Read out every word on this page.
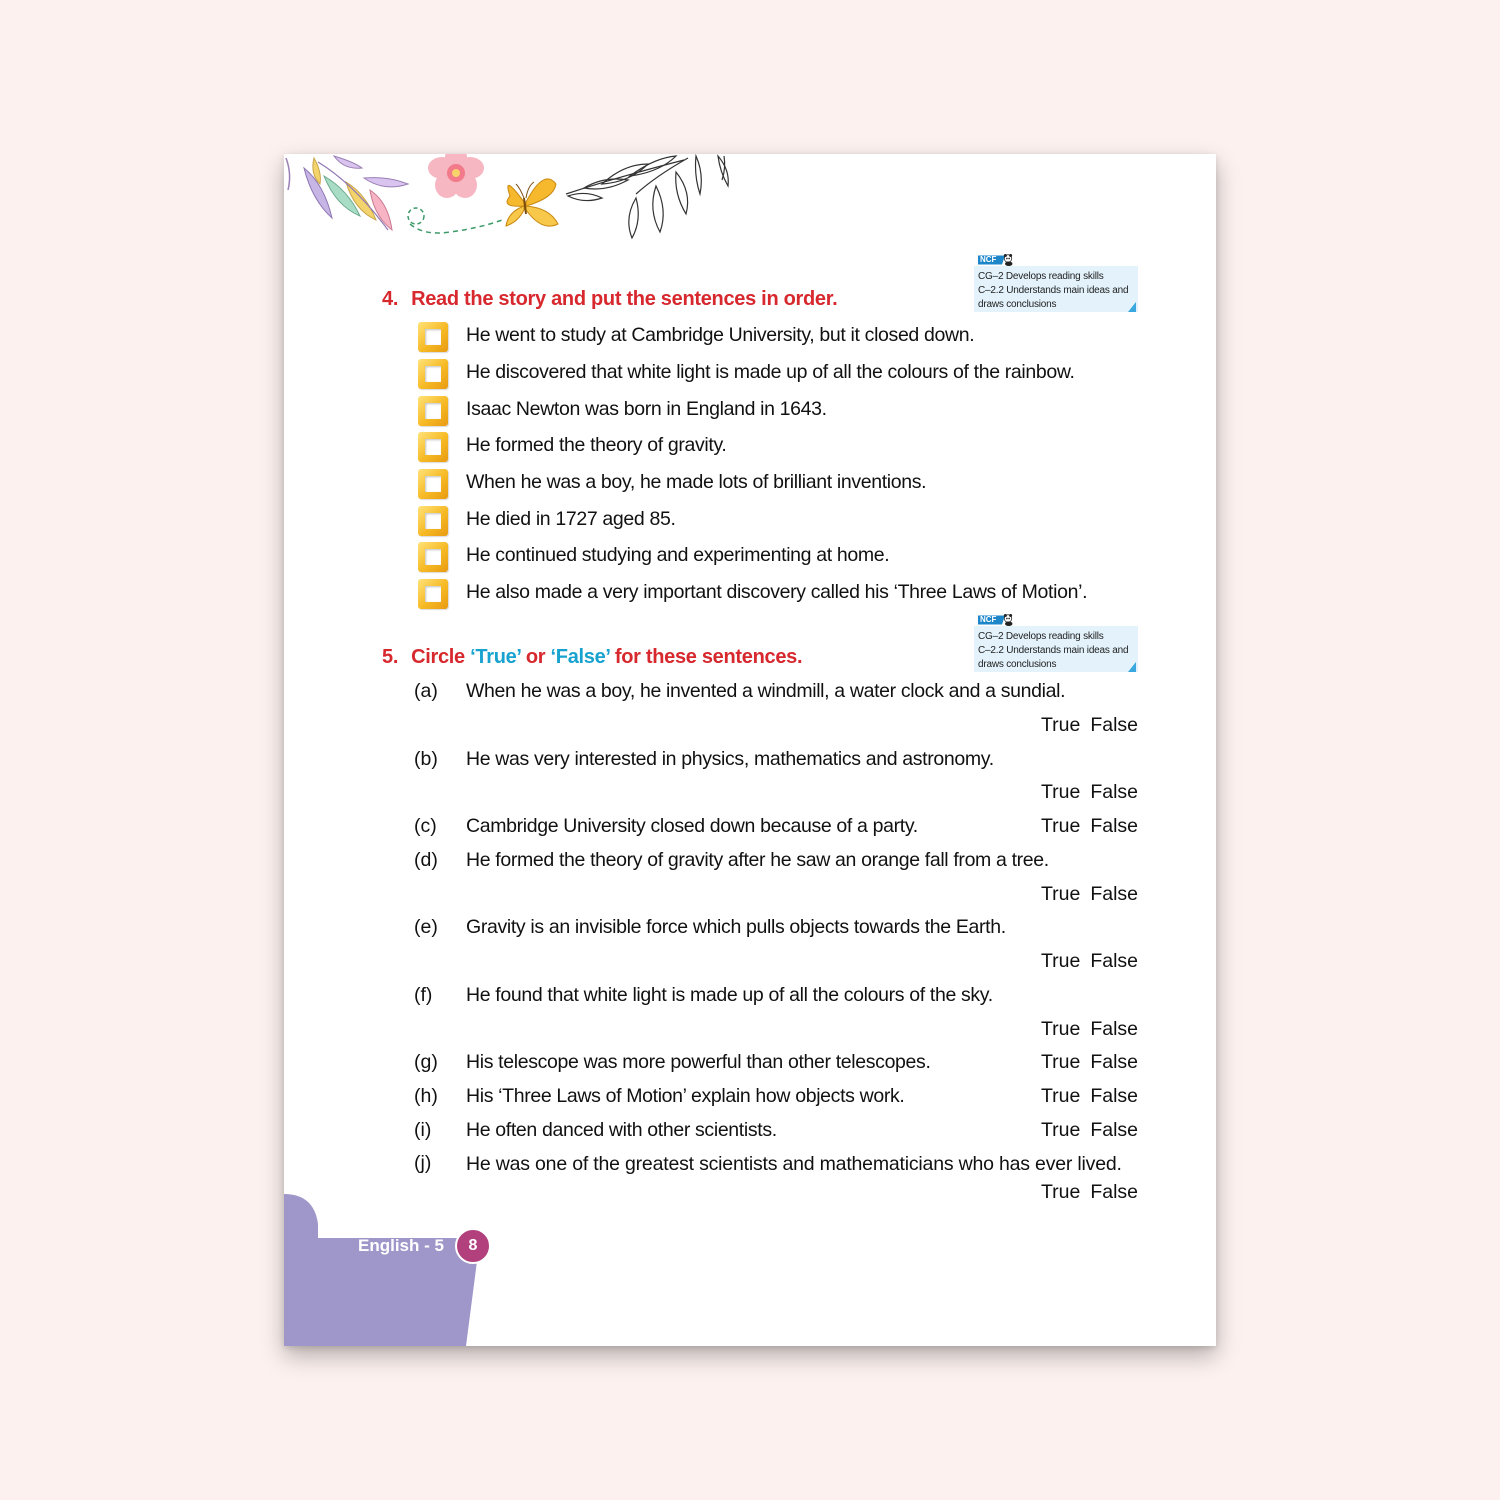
4. Read the story and put the sentences in order.
CG–2 Develops reading skills
C–2.2 Understands main ideas and
draws conclusions
NCF
He went to study at Cambridge University, but it closed down.
He discovered that white light is made up of all the colours of the rainbow.
Isaac Newton was born in England in 1643.
He formed the theory of gravity.
When he was a boy, he made lots of brilliant inventions.
He died in 1727 aged 85.
He continued studying and experimenting at home.
He also made a very important discovery called his ‘Three Laws of Motion’.
5. Circle ‘True’ or ‘False’ for these sentences.
CG–2 Develops reading skills
C–2.2 Understands main ideas and
draws conclusions
NCF
(a) When he was a boy, he invented a windmill, a water clock and a sundial.
True False
(b) He was very interested in physics, mathematics and astronomy.
True False
(c) Cambridge University closed down because of a party.	True False
(d) He formed the theory of gravity after he saw an orange fall from a tree.
True False
(e) Gravity is an invisible force which pulls objects towards the Earth.
True False
(f) He found that white light is made up of all the colours of the sky.
True False
(g) His telescope was more powerful than other telescopes.	True False
(h) His ‘Three Laws of Motion’ explain how objects work.	True False
(i) He often danced with other scientists.	True False
(j) He was one of the greatest scientists and mathematicians who has ever lived.
True False
English - 5	8
